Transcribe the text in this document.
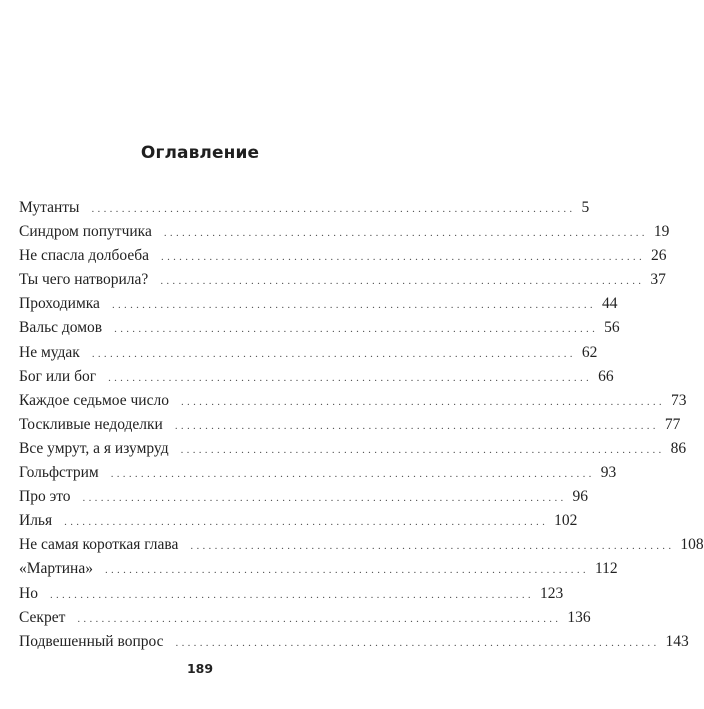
Оглавление
Мутанты ................................................................................ 5
Синдром попутчика ................................................................................ 19
Не спасла долбоеба ................................................................................ 26
Ты чего натворила? ................................................................................ 37
Проходимка ................................................................................ 44
Вальс домов ................................................................................ 56
Не мудак ................................................................................ 62
Бог или бог ................................................................................ 66
Каждое седьмое число ................................................................................ 73
Тоскливые недоделки ................................................................................ 77
Все умрут, а я изумруд ................................................................................ 86
Гольфстрим ................................................................................ 93
Про это ................................................................................ 96
Илья ................................................................................ 102
Не самая короткая глава ................................................................................ 108
«Мартина» ................................................................................ 112
Но ................................................................................ 123
Секрет ................................................................................ 136
Подвешенный вопрос ................................................................................ 143
189
